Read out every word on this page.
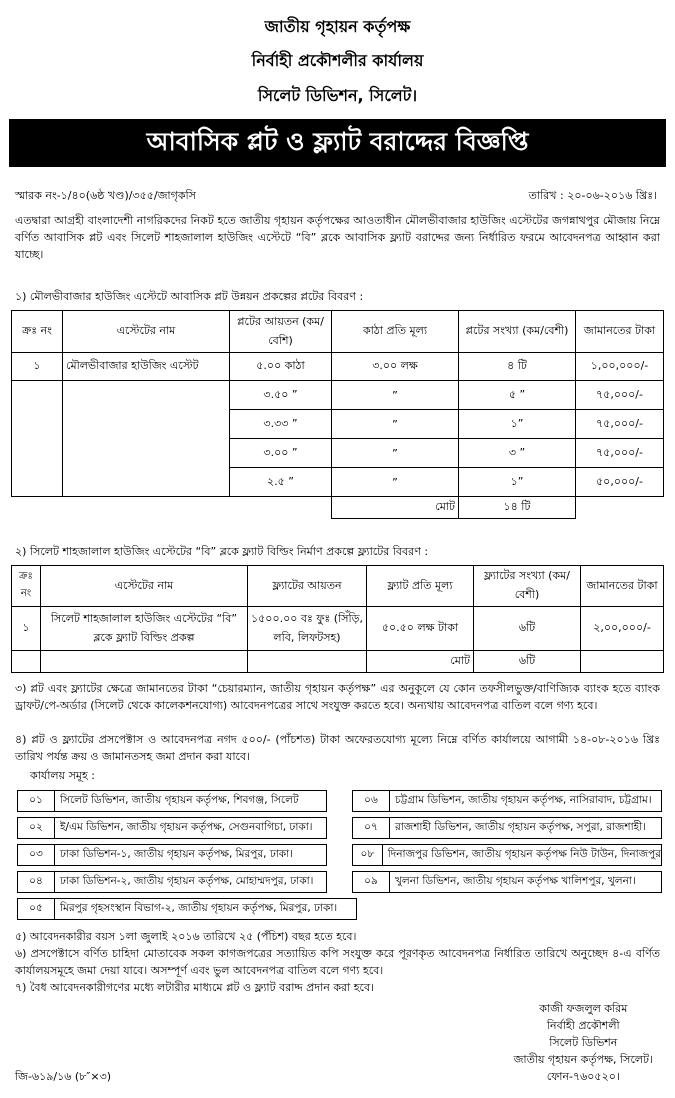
জাতীয় গৃহায়ন কর্তৃপক্ষ
নির্বাহী প্রকৌশলীর কার্যালয়
সিলেট ডিভিশন, সিলেট।
আবাসিক প্লট ও ফ্ল্যাট বরাদ্দের বিজ্ঞপ্তি
স্মারক নং-১/৪০(৬ষ্ঠ খণ্ড)/৩৫৫/জাগৃকসি	তারিখ : ২০-০৬-২০১৬ খ্রিঃ।
এতদ্বারা আগ্রহী বাংলাদেশী নাগরিকদের নিকট হতে জাতীয় গৃহায়ন কর্তৃপক্ষের আওতাধীন মৌলভীবাজার হাউজিং এস্টেটের জগন্নাথপুর মৌজায় নিম্নে বর্ণিত আবাসিক প্লট এবং সিলেট শাহজালাল হাউজিং এস্টেটে “বি” ব্লকে আবাসিক ফ্ল্যাট বরাদ্দের জন্য নির্ধারিত ফরমে আবেদনপত্র আহ্বান করা যাচ্ছে।
১) মৌলভীবাজার হাউজিং এস্টেটে আবাসিক প্লট উন্নয়ন প্রকল্পের প্লটের বিবরণ :
ক্রঃ নং	এস্টেটের নাম	প্লটের আয়তন (কম/বেশি)	কাঠা প্রতি মূল্য	প্লটের সংখ্যা (কম/বেশী)	জামানতের টাকা
১	মৌলভীবাজার হাউজিং এস্টেট	৫.০০ কাঠা	৩.০০ লক্ষ	৪ টি	১,০০,০০০/-
		৩.৫০ ”	”	৫ ”	৭৫,০০০/-
		৩.৩৩ ”	”	১”	৭৫,০০০/-
		৩.০০ ”	”	৩ ”	৭৫,০০০/-
		২.৫ ”	”	১”	৫০,০০০/-
			মোট	১৪ টি	
২) সিলেট শাহজালাল হাউজিং এস্টেটের “বি” ব্লকে ফ্ল্যাট বিল্ডিং নির্মাণ প্রকল্পে ফ্ল্যাটের বিবরণ :
ক্রঃ নং	এস্টেটের নাম	ফ্ল্যাটের আয়তন	ফ্ল্যাট প্রতি মূল্য	ফ্ল্যাটের সংখ্যা (কম/বেশী)	জামানতের টাকা
১	সিলেট শাহজালাল হাউজিং এস্টেটের “বি” ব্লকে ফ্ল্যাট বিল্ডিং প্রকল্প	১৫০০.০০ বঃ ফুঃ (সিঁড়ি, লবি, লিফটসহ)	৫০.৫০ লক্ষ টাকা	৬টি	২,০০,০০০/-
			মোট	৬টি	
৩) প্লট এবং ফ্ল্যাটের ক্ষেত্রে জামানতের টাকা “চেয়ারম্যান, জাতীয় গৃহায়ন কর্তৃপক্ষ” এর অনুকূলে যে কোন তফসীলভুক্ত/বাণিজ্যিক ব্যাংক হতে ব্যাংক ড্রাফট/পে-অর্ডার (সিলেট থেকে কালেকশনযোগ্য) আবেদনপত্রের সাথে সংযুক্ত করতে হবে। অন্যথায় আবেদনপত্র বাতিল বলে গণ্য হবে।
৪) প্লট ও ফ্ল্যাটের প্রসপেক্টাস ও আবেদনপত্র নগদ ৫০০/- (পাঁচশত) টাকা অফেরতযোগ্য মূল্যে নিম্নে বর্ণিত কার্যালয়ে আগামী ১৪-০৮-২০১৬ খ্রিঃ তারিখ পর্যন্ত ক্রয় ও জামানতসহ জমা প্রদান করা যাবে।
কার্যালয় সমূহ :
০১	সিলেট ডিভিশন, জাতীয় গৃহায়ন কর্তৃপক্ষ, শিবগঞ্জ, সিলেট
০২	ই/এম ডিভিশন, জাতীয় গৃহায়ন কর্তৃপক্ষ, সেগুনবাগিচা, ঢাকা।
০৩	ঢাকা ডিভিশন-১, জাতীয় গৃহায়ন কর্তৃপক্ষ, মিরপুর, ঢাকা।
০৪	ঢাকা ডিভিশন-২, জাতীয় গৃহায়ন কর্তৃপক্ষ, মোহাম্মদপুর, ঢাকা।
০৫	মিরপুর গৃহসংস্থান বিভাগ-২, জাতীয় গৃহায়ন কর্তৃপক্ষ, মিরপুর, ঢাকা।
০৬	চট্টগ্রাম ডিভিশন, জাতীয় গৃহায়ন কর্তৃপক্ষ, নাসিরাবাদ, চট্টগ্রাম।
০৭	রাজশাহী ডিভিশন, জাতীয় গৃহায়ন কর্তৃপক্ষ, সপুরা, রাজশাহী।
০৮	দিনাজপুর ডিভিশন, জাতীয় গৃহায়ন কর্তৃপক্ষ নিউ টাউন, দিনাজপুর
০৯	খুলনা ডিভিশন, জাতীয় গৃহায়ন কর্তৃপক্ষ খালিশপুর, খুলনা।
৫) আবেদনকারীর বয়স ১লা জুলাই ২০১৬ তারিখে ২৫ (পঁচিশ) বছর হতে হবে।
৬) প্রসপেক্টাসে বর্ণিত চাহিদা মোতাবেক সকল কাগজপত্রের সত্যায়িত কপি সংযুক্ত করে পূরণকৃত আবেদনপত্র নির্ধারিত তারিখে অনুচ্ছেদ ৪-এ বর্ণিত কার্যালয়সমূহে জমা দেয়া যাবে। অসম্পূর্ণ এবং ভুল আবেদনপত্র বাতিল বলে গণ্য হবে।
৭) বৈধ আবেদনকারীগণের মধ্যে লটারীর মাধ্যমে প্লট ও ফ্ল্যাট বরাদ্দ প্রদান করা হবে।
কাজী ফজলুল করিম
নির্বাহী প্রকৌশলী
সিলেট ডিভিশন
জাতীয় গৃহায়ন কর্তৃপক্ষ, সিলেট।
ফোন-৭৬০৫২০।
জি-৬১৯/১৬ (৮″×৩)
